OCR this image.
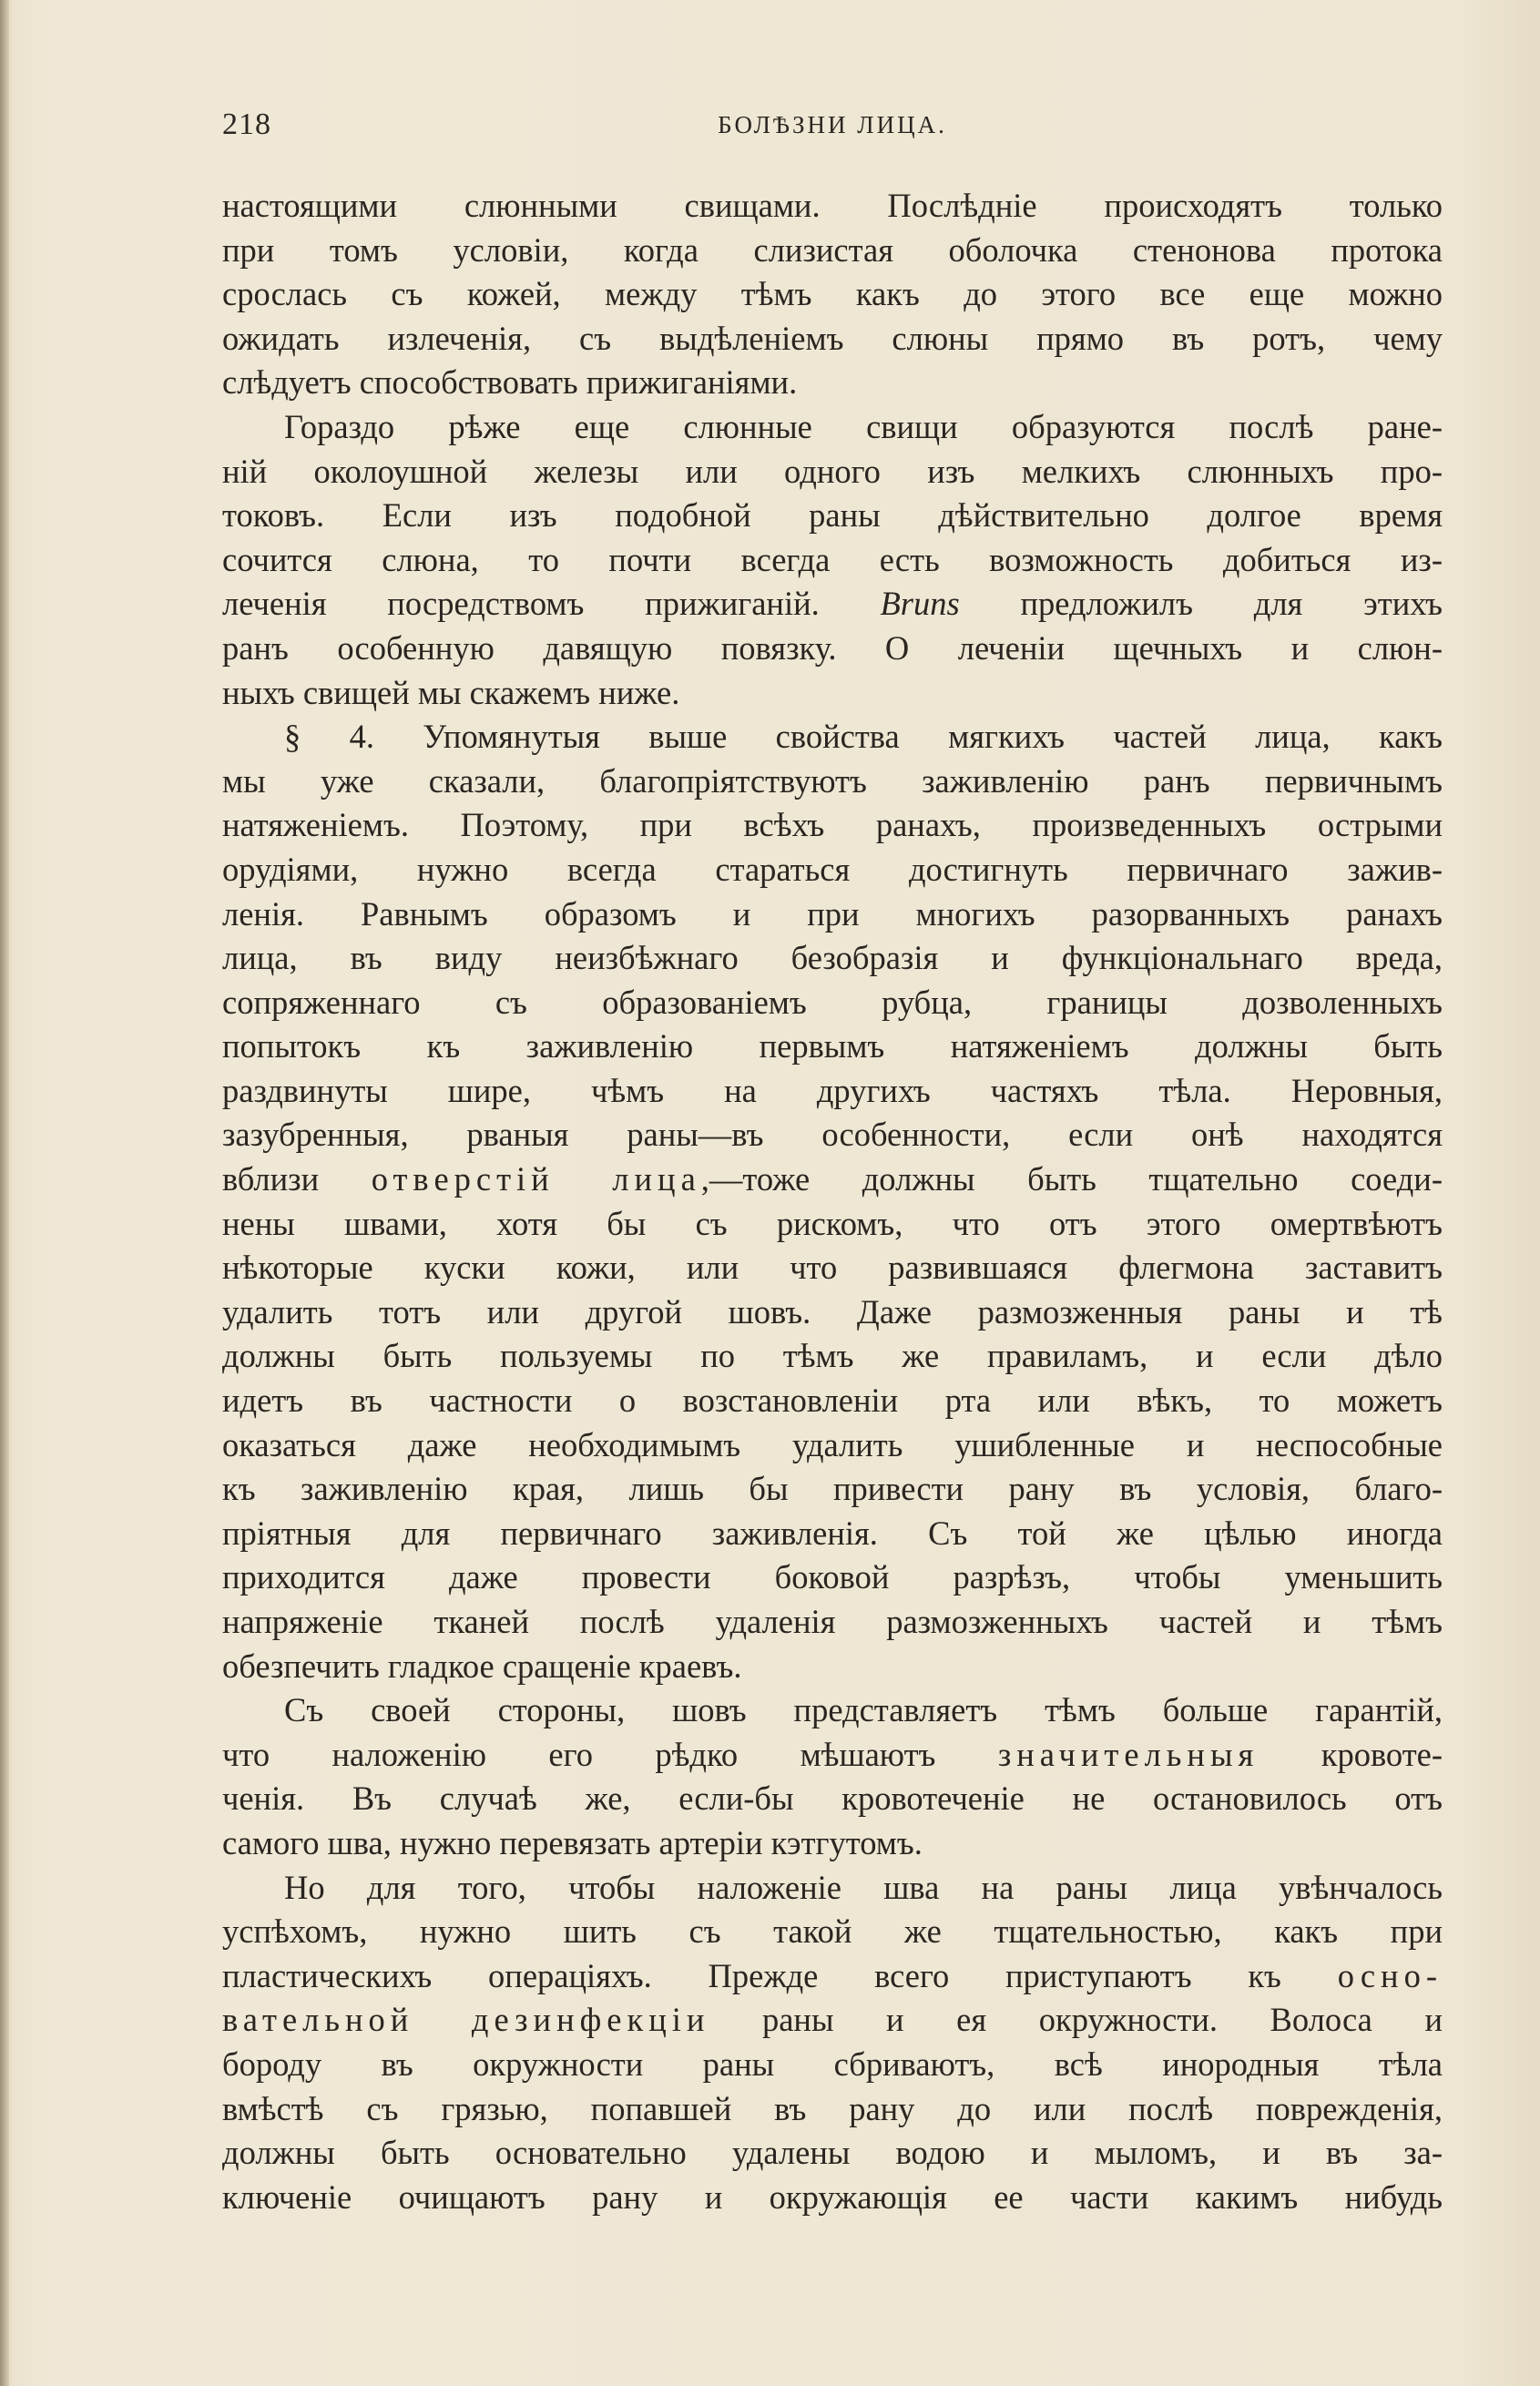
218	БОЛѢЗНИ ЛИЦА.
настоящими слюнными свищами. Послѣдніе происходятъ только
при томъ условіи, когда слизистая оболочка стенонова протока
срослась съ кожей, между тѣмъ какъ до этого все еще можно
ожидать излеченія, съ выдѣленіемъ слюны прямо въ ротъ, чему
слѣдуетъ способствовать прижиганіями.
Гораздо рѣже еще слюнные свищи образуются послѣ ране-
ній околоушной железы или одного изъ мелкихъ слюнныхъ про-
токовъ. Если изъ подобной раны дѣйствительно долгое время
сочится слюна, то почти всегда есть возможность добиться из-
леченія посредствомъ прижиганій. Bruns предложилъ для этихъ
ранъ особенную давящую повязку. О леченіи щечныхъ и слюн-
ныхъ свищей мы скажемъ ниже.
§ 4. Упомянутыя выше свойства мягкихъ частей лица, какъ
мы уже сказали, благопріятствуютъ заживленію ранъ первичнымъ
натяженіемъ. Поэтому, при всѣхъ ранахъ, произведенныхъ острыми
орудіями, нужно всегда стараться достигнуть первичнаго зажив-
ленія. Равнымъ образомъ и при многихъ разорванныхъ ранахъ
лица, въ виду неизбѣжнаго безобразія и функціональнаго вреда,
сопряженнаго съ образованіемъ рубца, границы дозволенныхъ
попытокъ къ заживленію первымъ натяженіемъ должны быть
раздвинуты шире, чѣмъ на другихъ частяхъ тѣла. Неровныя,
зазубренныя, рваныя раны—въ особенности, если онѣ находятся
вблизи отверстій лица,—тоже должны быть тщательно соеди-
нены швами, хотя бы съ рискомъ, что отъ этого омертвѣютъ
нѣкоторые куски кожи, или что развившаяся флегмона заставитъ
удалить тотъ или другой шовъ. Даже размозженныя раны и тѣ
должны быть пользуемы по тѣмъ же правиламъ, и если дѣло
идетъ въ частности о возстановленіи рта или вѣкъ, то можетъ
оказаться даже необходимымъ удалить ушибленные и неспособные
къ заживленію края, лишь бы привести рану въ условія, благо-
пріятныя для первичнаго заживленія. Съ той же цѣлью иногда
приходится даже провести боковой разрѣзъ, чтобы уменьшить
напряженіе тканей послѣ удаленія размозженныхъ частей и тѣмъ
обезпечить гладкое сращеніе краевъ.
Съ своей стороны, шовъ представляетъ тѣмъ больше гарантій,
что наложенію его рѣдко мѣшаютъ значительныя кровоте-
ченія. Въ случаѣ же, если-бы кровотеченіе не остановилось отъ
самого шва, нужно перевязать артеріи кэтгутомъ.
Но для того, чтобы наложеніе шва на раны лица увѣнчалось
успѣхомъ, нужно шить съ такой же тщательностью, какъ при
пластическихъ операціяхъ. Прежде всего приступаютъ къ осно-
вательной дезинфекціи раны и ея окружности. Волоса и
бороду въ окружности раны сбриваютъ, всѣ инородныя тѣла
вмѣстѣ съ грязью, попавшей въ рану до или послѣ поврежденія,
должны быть основательно удалены водою и мыломъ, и въ за-
ключеніе очищаютъ рану и окружающія ее части какимъ нибудь
